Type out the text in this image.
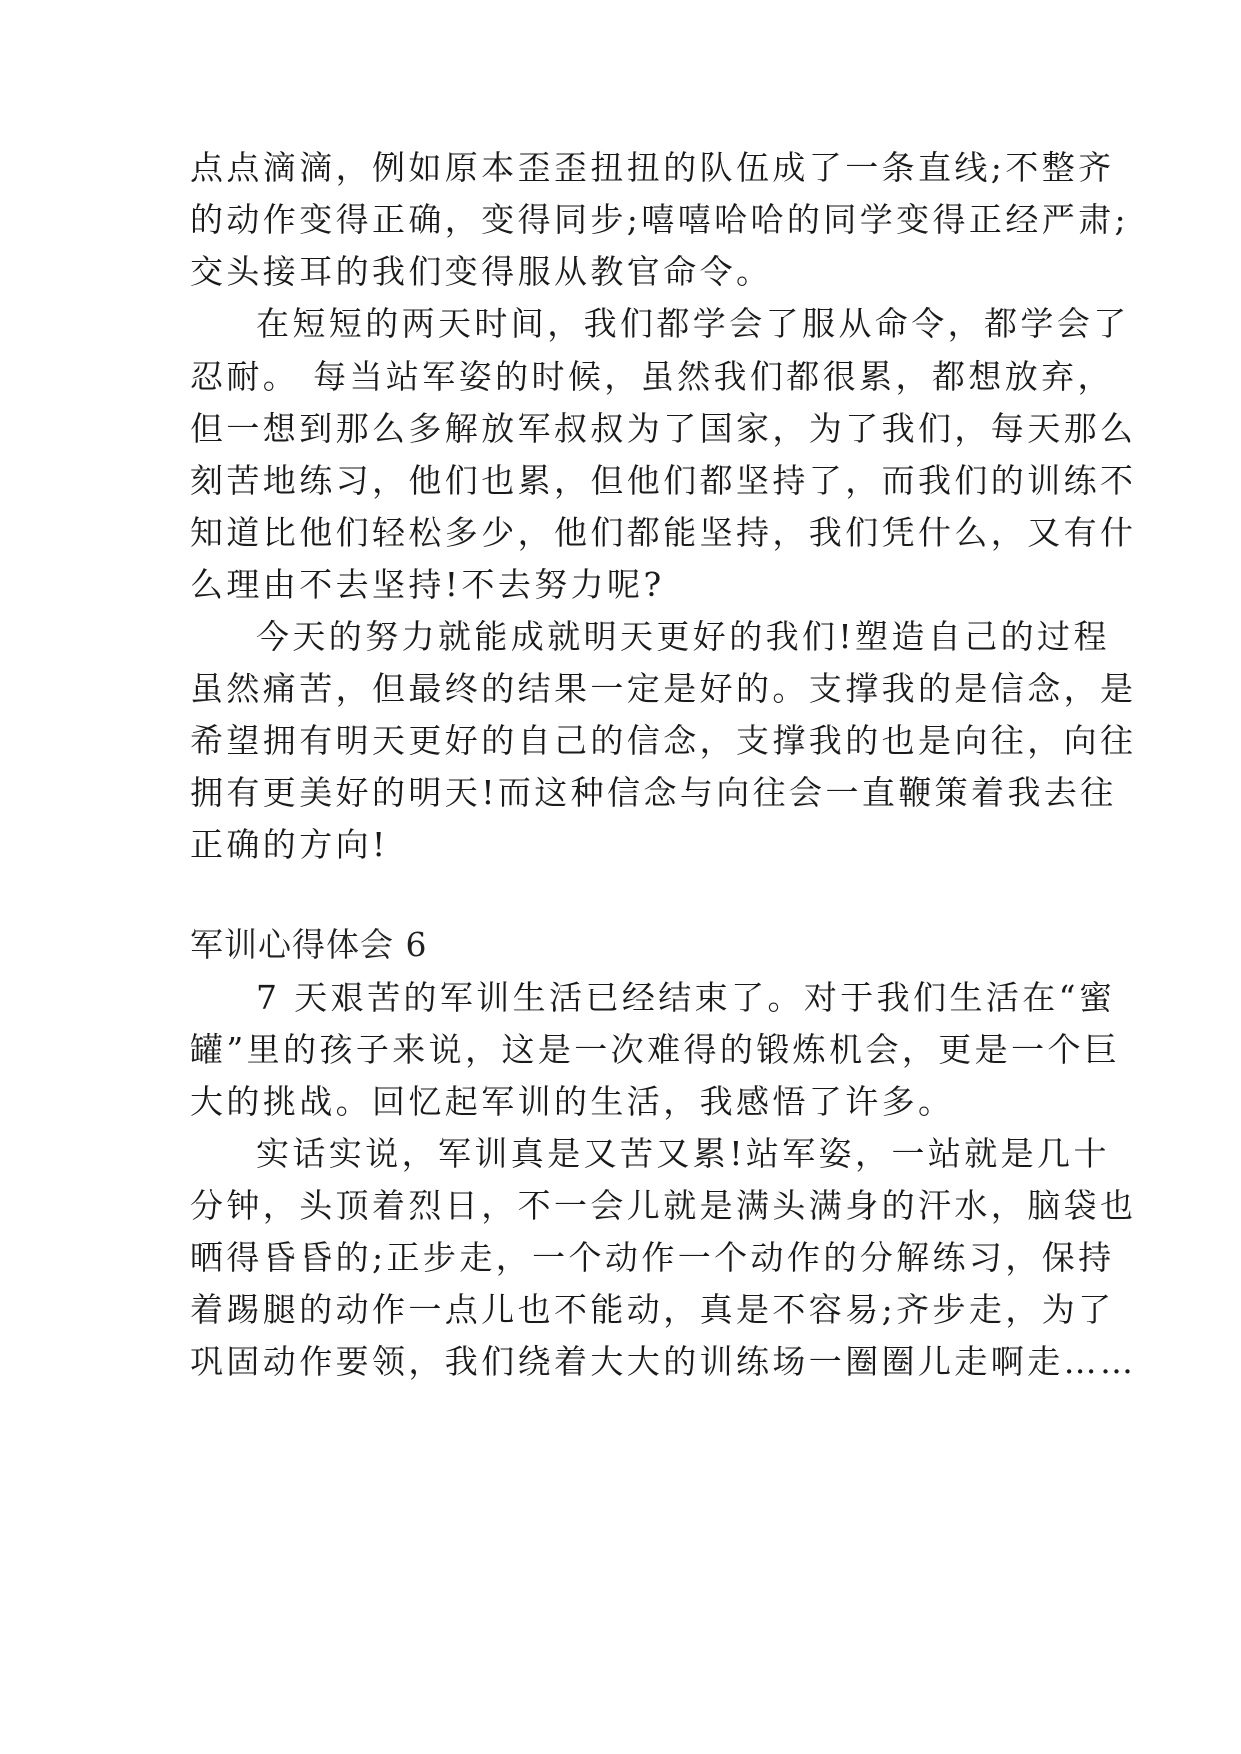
点点滴滴，例如原本歪歪扭扭的队伍成了一条直线;不整齐
的动作变得正确，变得同步;嘻嘻哈哈的同学变得正经严肃;
交头接耳的我们变得服从教官命令。
在短短的两天时间，我们都学会了服从命令，都学会了
忍耐。 每当站军姿的时候，虽然我们都很累，都想放弃，
但一想到那么多解放军叔叔为了国家，为了我们，每天那么
刻苦地练习，他们也累，但他们都坚持了，而我们的训练不
知道比他们轻松多少，他们都能坚持，我们凭什么，又有什
么理由不去坚持!不去努力呢?
今天的努力就能成就明天更好的我们!塑造自己的过程
虽然痛苦，但最终的结果一定是好的。支撑我的是信念，是
希望拥有明天更好的自己的信念，支撑我的也是向往，向往
拥有更美好的明天!而这种信念与向往会一直鞭策着我去往
正确的方向!
军训心得体会 6
7 天艰苦的军训生活已经结束了。对于我们生活在“蜜
罐”里的孩子来说，这是一次难得的锻炼机会，更是一个巨
大的挑战。回忆起军训的生活，我感悟了许多。
实话实说，军训真是又苦又累!站军姿，一站就是几十
分钟，头顶着烈日，不一会儿就是满头满身的汗水，脑袋也
晒得昏昏的;正步走，一个动作一个动作的分解练习，保持
着踢腿的动作一点儿也不能动，真是不容易;齐步走，为了
巩固动作要领，我们绕着大大的训练场一圈圈儿走啊走……
